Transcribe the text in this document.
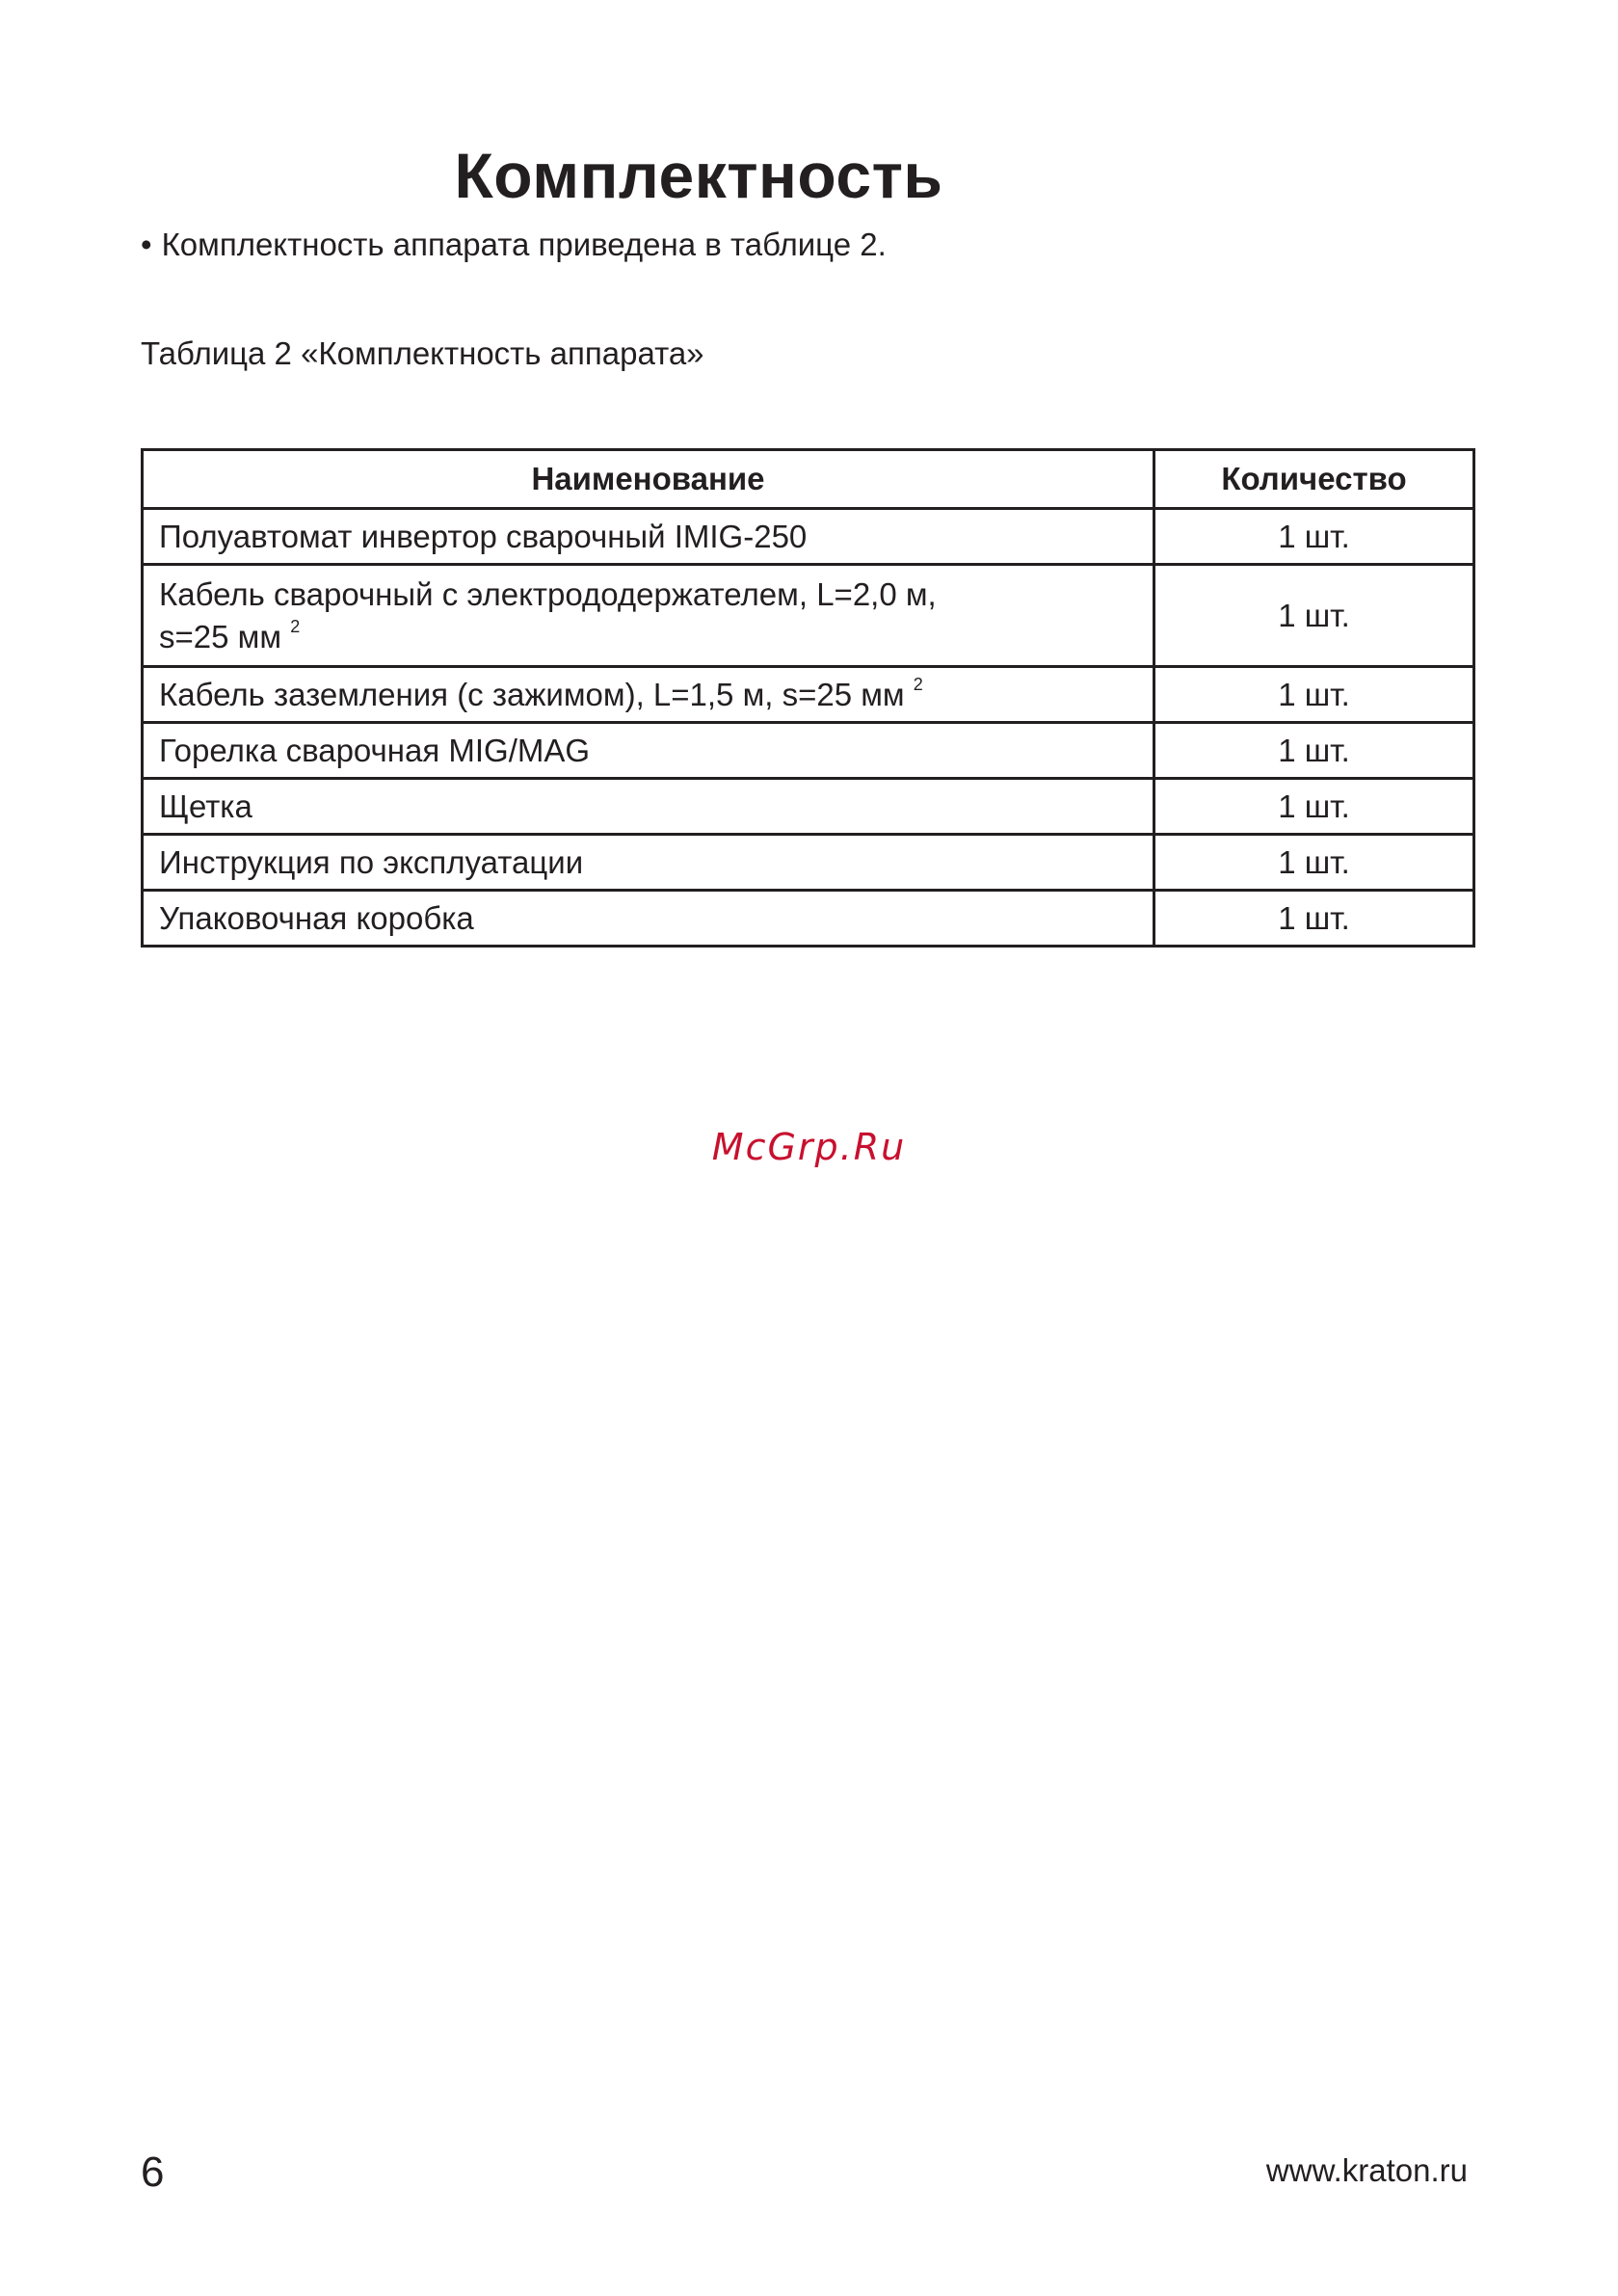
Комплектность
• Комплектность аппарата приведена в таблице 2.
Таблица 2 «Комплектность аппарата»
Наименование	Количество
Полуавтомат инвертор сварочный IMIG-250	1 шт.
Кабель сварочный с электрододержателем, L=2,0 м,
s=25 мм $^2$	1 шт.
Кабель заземления (с зажимом), L=1,5 м, s=25 мм $^2$	1 шт.
Горелка сварочная MIG/MAG	1 шт.
Щетка	1 шт.
Инструкция по эксплуатации	1 шт.
Упаковочная коробка	1 шт.
McGrp.Ru
6	www.kraton.ru
